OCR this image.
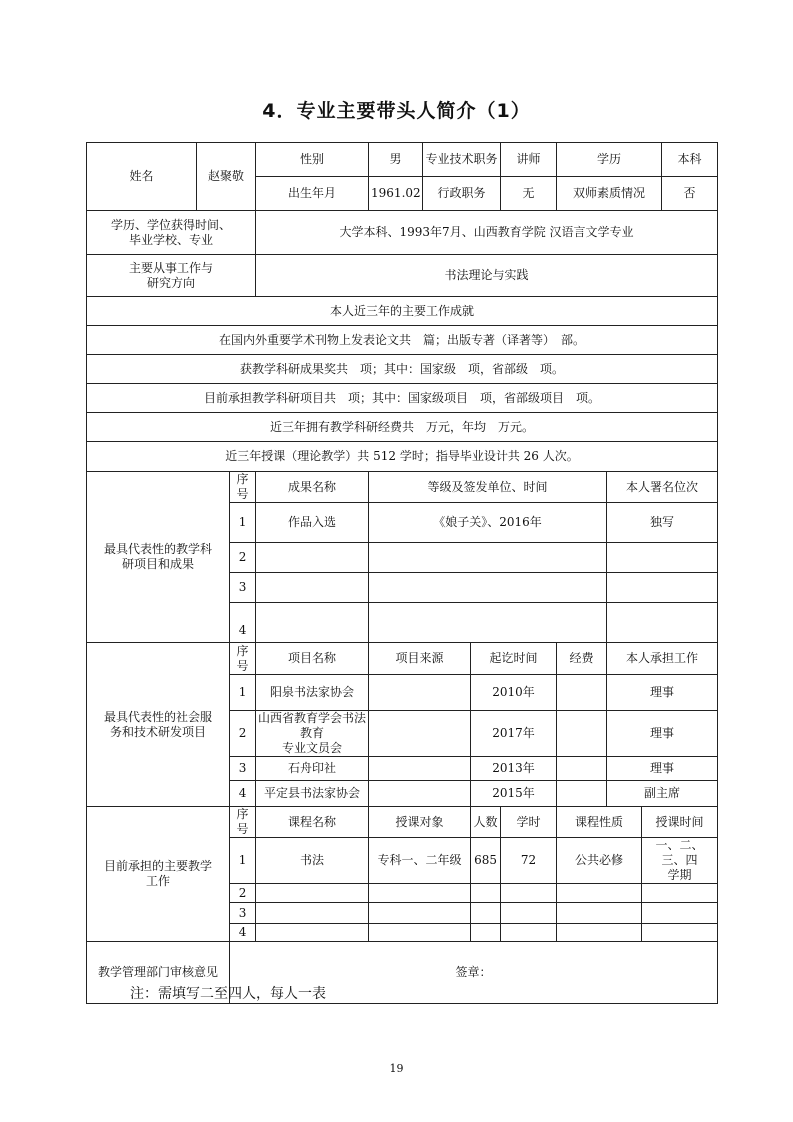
4．专业主要带头人简介（1）
姓名	赵聚敬		性别	男	专业技术职务		讲师	学历			本科
			出生年月	1961.02	行政职务		无	双师素质情况			否
学历、学位获得时间、
毕业学校、专业			大学本科、1993年7月、山西教育学院 汉语言文学专业								
主要从事工作与
研究方向			书法理论与实践								
本人近三年的主要工作成就											
在国内外重要学术刊物上发表论文共　篇；出版专著（译著等）　部。											
获教学科研成果奖共　项；其中：国家级　项，省部级　项。											
目前承担教学科研项目共　项；其中：国家级项目　项，省部级项目　项。											
近三年拥有教学科研经费共　万元，年均　万元。											
近三年授课（理论教学）共 512 学时；指导毕业设计共 26 人次。											
最具代表性的教学科
研项目和成果		序号	成果名称	等级及签发单位、时间					本人署名位次		
		1	作品入选	《娘子关》、2016年					独写		
		2									
		3									
		4									
最具代表性的社会服
务和技术研发项目		序号	项目名称	项目来源		起讫时间		经费	本人承担工作		
		1	阳泉书法家协会			2010年			理事		
		2	山西省教育学会书法教育
专业文员会			2017年			理事		
		3	石舟印社			2013年			理事		
		4	平定县书法家协会			2015年			副主席		
目前承担的主要教学
工作		序号	课程名称	授课对象		人数	学时	课程性质		授课时间	
		1	书法	专科一、二年级		685	72	公共必修		一、二、三、四
学期	
		2									
		3									
		4									
教学管理部门审核意见		签章：									
注：需填写二至四人，每人一表
19
